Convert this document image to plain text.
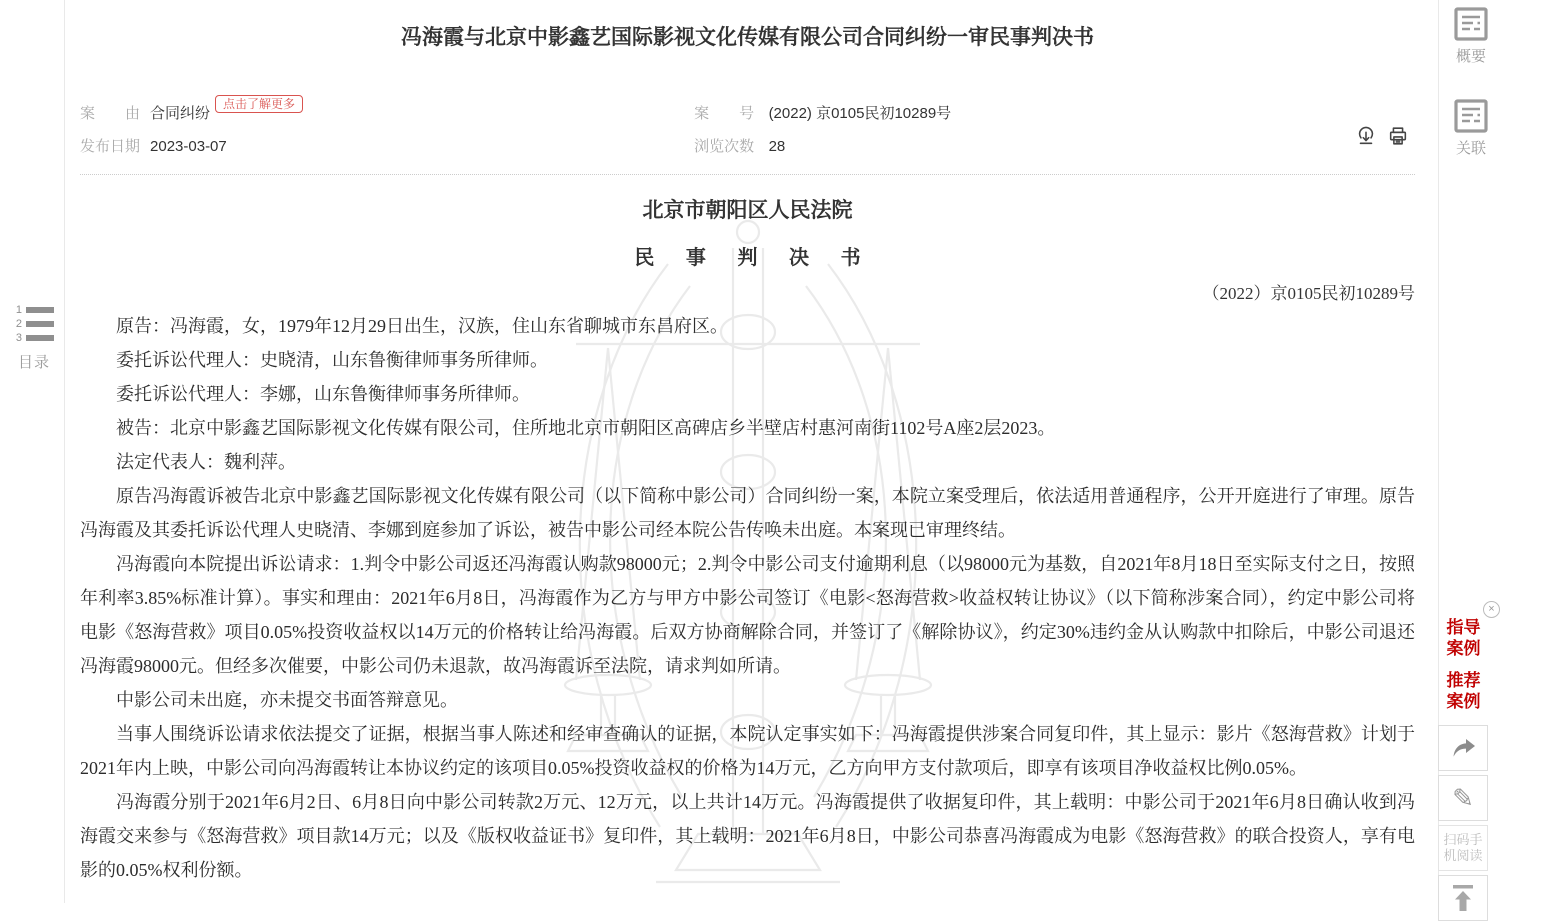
1
2
3
目录
冯海霞与北京中影鑫艺国际影视文化传媒有限公司合同纠纷一审民事判决书
案　　由 合同纠纷
点击了解更多
案　　号 (2022) 京0105民初10289号
发布日期 2023-03-07	浏览次数 28
北京市朝阳区人民法院
民 事 判 决 书
（2022）京0105民初10289号

原告：冯海霞，女，1979年12月29日出生，汉族，住山东省聊城市东昌府区。

委托诉讼代理人：史晓清，山东鲁衡律师事务所律师。

委托诉讼代理人：李娜，山东鲁衡律师事务所律师。

被告：北京中影鑫艺国际影视文化传媒有限公司，住所地北京市朝阳区高碑店乡半壁店村惠河南街1102号A座2层2023。

法定代表人：魏利萍。

原告冯海霞诉被告北京中影鑫艺国际影视文化传媒有限公司（以下简称中影公司）合同纠纷一案，本院立案受理后，依法适用普通程序，公开开庭进行了审理。原告冯海霞及其委托诉讼代理人史晓清、李娜到庭参加了诉讼，被告中影公司经本院公告传唤未出庭。本案现已审理终结。

冯海霞向本院提出诉讼请求：1.判令中影公司返还冯海霞认购款98000元；2.判令中影公司支付逾期利息（以98000元为基数，自2021年8月18日至实际支付之日，按照年利率3.85%标准计算）。事实和理由：2021年6月8日，冯海霞作为乙方与甲方中影公司签订《电影<怒海营救>收益权转让协议》（以下简称涉案合同），约定中影公司将电影《怒海营救》项目0.05%投资收益权以14万元的价格转让给冯海霞。后双方协商解除合同，并签订了《解除协议》，约定30%违约金从认购款中扣除后，中影公司退还冯海霞98000元。但经多次催要，中影公司仍未退款，故冯海霞诉至法院，请求判如所请。

中影公司未出庭，亦未提交书面答辩意见。

当事人围绕诉讼请求依法提交了证据，根据当事人陈述和经审查确认的证据，本院认定事实如下：冯海霞提供涉案合同复印件，其上显示：影片《怒海营救》计划于2021年内上映，中影公司向冯海霞转让本协议约定的该项目0.05%投资收益权的价格为14万元，乙方向甲方支付款项后，即享有该项目净收益权比例0.05%。

冯海霞分别于2021年6月2日、6月8日向中影公司转款2万元、12万元，以上共计14万元。冯海霞提供了收据复印件，其上载明：中影公司于2021年6月8日确认收到冯海霞交来参与《怒海营救》项目款14万元；以及《版权收益证书》复印件，其上载明：2021年6月8日，中影公司恭喜冯海霞成为电影《怒海营救》的联合投资人，享有电影的0.05%权利份额。

概要
关联
×
指导案例
推荐案例
✎
扫码手机阅读
